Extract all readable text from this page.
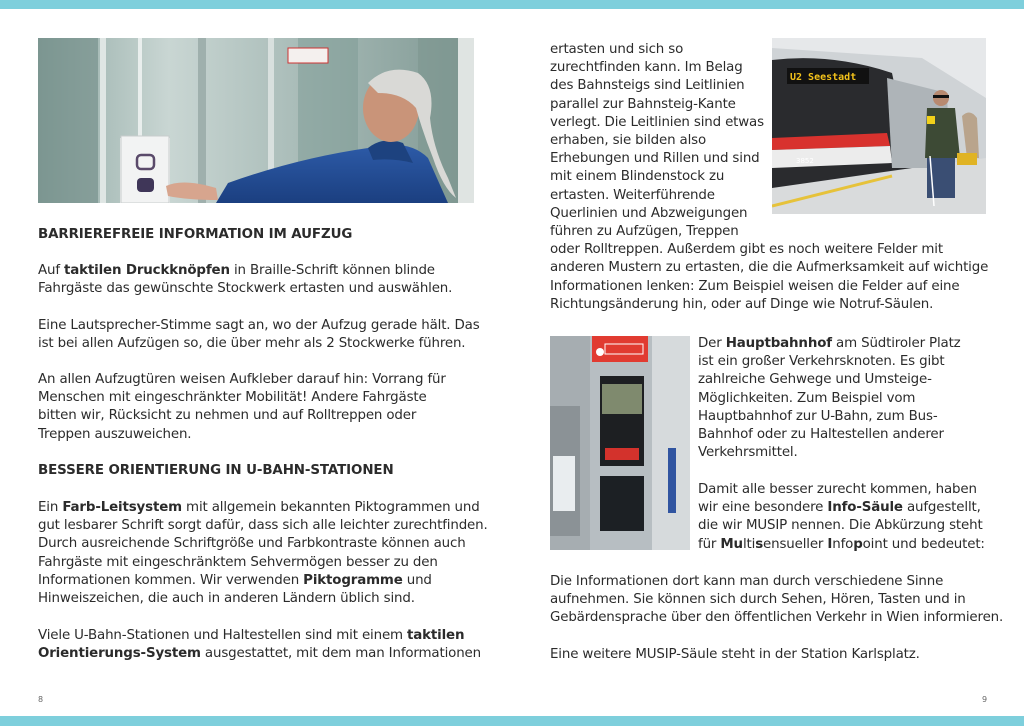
BARRIEREFREIE INFORMATION IM AUFZUG

Auf taktilen Druckknöpfen in Braille-Schrift können blinde
Fahrgäste das gewünschte Stockwerk ertasten und auswählen.

Eine Lautsprecher-Stimme sagt an, wo der Aufzug gerade hält. Das
ist bei allen Aufzügen so, die über mehr als 2 Stockwerke führen.

An allen Aufzugtüren weisen Aufkleber darauf hin: Vorrang für
Menschen mit eingeschränkter Mobilität! Andere Fahrgäste
bitten wir, Rücksicht zu nehmen und auf Rolltreppen oder
Treppen auszuweichen.

BESSERE ORIENTIERUNG IN U-BAHN-STATIONEN

Ein Farb-Leitsystem mit allgemein bekannten Piktogrammen und
gut lesbarer Schrift sorgt dafür, dass sich alle leichter zurechtfinden.
Durch ausreichende Schriftgröße und Farbkontraste können auch
Fahrgäste mit eingeschränktem Sehvermögen besser zu den
Informationen kommen. Wir verwenden Piktogramme und
Hinweiszeichen, die auch in anderen Ländern üblich sind.

Viele U-Bahn-Stationen und Haltestellen sind mit einem taktilen
Orientierungs-System ausgestattet, mit dem man Informationen

8
U2 Seestadt
3852

ertasten und sich so
zurechtfinden kann. Im Belag
des Bahnsteigs sind Leitlinien
parallel zur Bahnsteig-Kante
verlegt. Die Leitlinien sind etwas
erhaben, sie bilden also
Erhebungen und Rillen und sind
mit einem Blindenstock zu
ertasten. Weiterführende
Querlinien und Abzweigungen
führen zu Aufzügen, Treppen
oder Rolltreppen. Außerdem gibt es noch weitere Felder mit
anderen Mustern zu ertasten, die die Aufmerksamkeit auf wichtige
Informationen lenken: Zum Beispiel weisen die Felder auf eine
Richtungsänderung hin, oder auf Dinge wie Notruf-Säulen.

Der Hauptbahnhof am Südtiroler Platz
ist ein großer Verkehrsknoten. Es gibt
zahlreiche Gehwege und Umsteige-
Möglichkeiten. Zum Beispiel vom
Hauptbahnhof zur U-Bahn, zum Bus-
Bahnhof oder zu Haltestellen anderer
Verkehrsmittel.

Damit alle besser zurecht kommen, haben
wir eine besondere Info-Säule aufgestellt,
die wir MUSIP nennen. Die Abkürzung steht
für Multisensueller Infopoint und bedeutet:

Die Informationen dort kann man durch verschiedene Sinne
aufnehmen. Sie können sich durch Sehen, Hören, Tasten und in
Gebärdensprache über den öffentlichen Verkehr in Wien informieren.

Eine weitere MUSIP-Säule steht in der Station Karlsplatz.

9
